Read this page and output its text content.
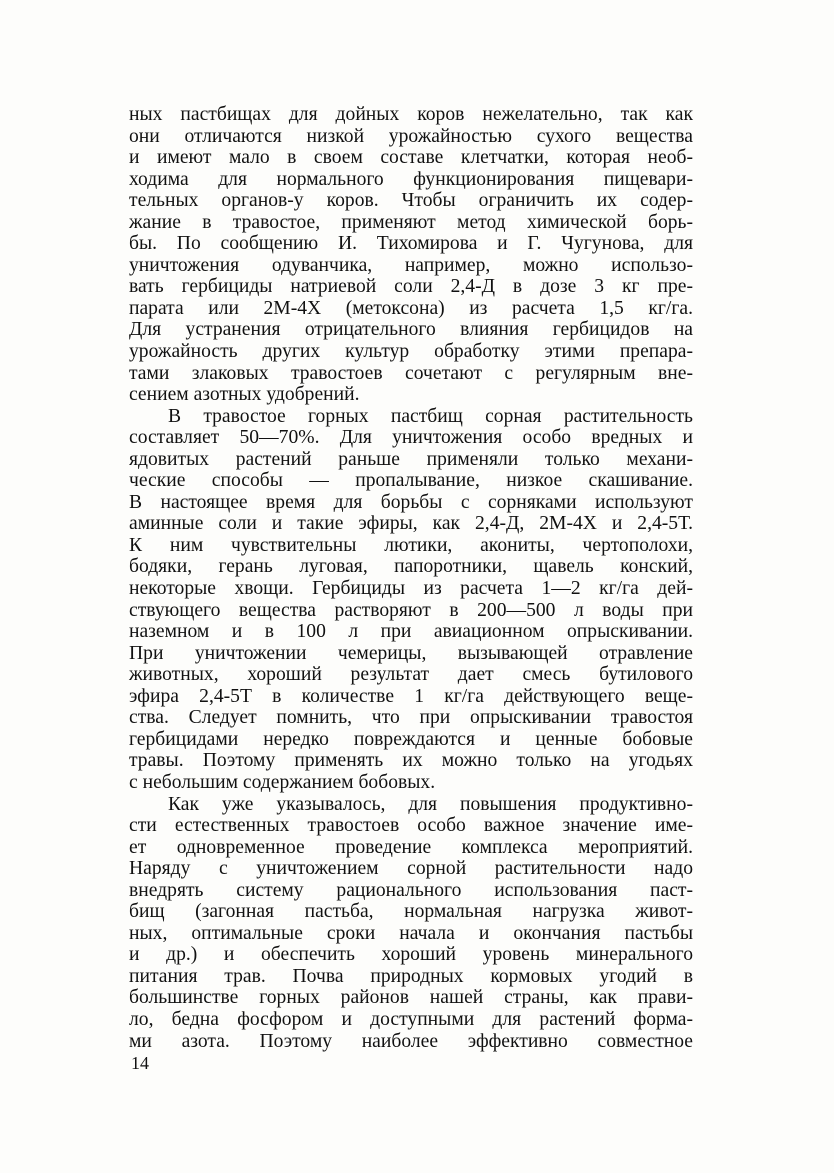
ных пастбищах для дойных коров нежелательно, так как
они отличаются низкой урожайностью сухого вещества
и имеют мало в своем составе клетчатки, которая необ-
ходима для нормального функционирования пищевари-
тельных органов-у коров. Чтобы ограничить их содер-
жание в травостое, применяют метод химической борь-
бы. По сообщению И. Тихомирова и Г. Чугунова, для
уничтожения одуванчика, например, можно использо-
вать гербициды натриевой соли 2,4-Д в дозе 3 кг пре-
парата или 2М-4Х (метоксона) из расчета 1,5 кг/га.
Для устранения отрицательного влияния гербицидов на
урожайность других культур обработку этими препара-
тами злаковых травостоев сочетают с регулярным вне-
сением азотных удобрений.
В травостое горных пастбищ сорная растительность
составляет 50—70%. Для уничтожения особо вредных и
ядовитых растений раньше применяли только механи-
ческие способы — пропалывание, низкое скашивание.
В настоящее время для борьбы с сорняками используют
аминные соли и такие эфиры, как 2,4-Д, 2М-4Х и 2,4-5Т.
К ним чувствительны лютики, акониты, чертополохи,
бодяки, герань луговая, папоротники, щавель конский,
некоторые хвощи. Гербициды из расчета 1—2 кг/га дей-
ствующего вещества растворяют в 200—500 л воды при
наземном и в 100 л при авиационном опрыскивании.
При уничтожении чемерицы, вызывающей отравление
животных, хороший результат дает смесь бутилового
эфира 2,4-5Т в количестве 1 кг/га действующего веще-
ства. Следует помнить, что при опрыскивании травостоя
гербицидами нередко повреждаются и ценные бобовые
травы. Поэтому применять их можно только на угодьях
с небольшим содержанием бобовых.
Как уже указывалось, для повышения продуктивно-
сти естественных травостоев особо важное значение име-
ет одновременное проведение комплекса мероприятий.
Наряду с уничтожением сорной растительности надо
внедрять систему рационального использования паст-
бищ (загонная пастьба, нормальная нагрузка живот-
ных, оптимальные сроки начала и окончания пастьбы
и др.) и обеспечить хороший уровень минерального
питания трав. Почва природных кормовых угодий в
большинстве горных районов нашей страны, как прави-
ло, бедна фосфором и доступными для растений форма-
ми азота. Поэтому наиболее эффективно совместное
14
